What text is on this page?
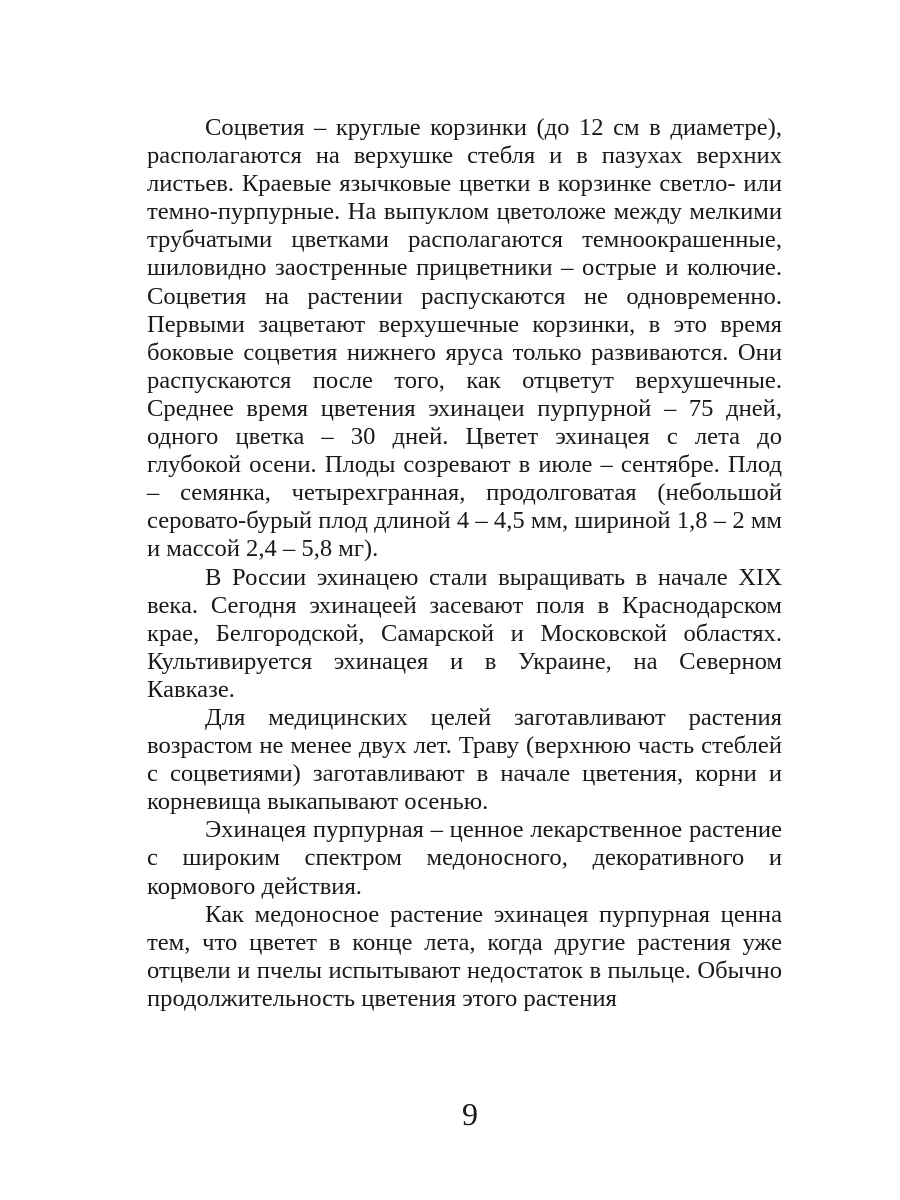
Соцветия – круглые корзинки (до 12 см в диаметре), располагаются на верхушке стебля и в пазухах верхних листьев. Краевые язычковые цветки в корзинке светло- или темно-пурпурные. На выпуклом цветоложе между мелкими трубчатыми цветками располагаются темноокрашенные, шиловидно заостренные прицветники – острые и колючие. Соцветия на растении распускаются не одновременно. Первыми зацветают верхушечные корзинки, в это время боковые соцветия нижнего яруса только развиваются. Они распускаются после того, как отцветут верхушечные. Среднее время цветения эхинацеи пурпурной – 75 дней, одного цветка – 30 дней. Цветет эхинацея с лета до глубокой осени. Плоды созревают в июле – сентябре. Плод – семянка, четырехгранная, продолговатая (небольшой серовато-бурый плод длиной 4 – 4,5 мм, шириной 1,8 – 2 мм и массой 2,4 – 5,8 мг).

В России эхинацею стали выращивать в начале XIX века. Сегодня эхинацеей засевают поля в Краснодарском крае, Белгородской, Самарской и Московской областях. Культивируется эхинацея и в Украине, на Северном Кавказе.

Для медицинских целей заготавливают растения возрастом не менее двух лет. Траву (верхнюю часть стеблей с соцветиями) заготавливают в начале цветения, корни и корневища выкапывают осенью.

Эхинацея пурпурная – ценное лекарственное растение с широким спектром медоносного, декоративного и кормового действия.

Как медоносное растение эхинацея пурпурная ценна тем, что цветет в конце лета, когда другие растения уже отцвели и пчелы испытывают недостаток в пыльце. Обычно продолжительность цветения этого растения

9
